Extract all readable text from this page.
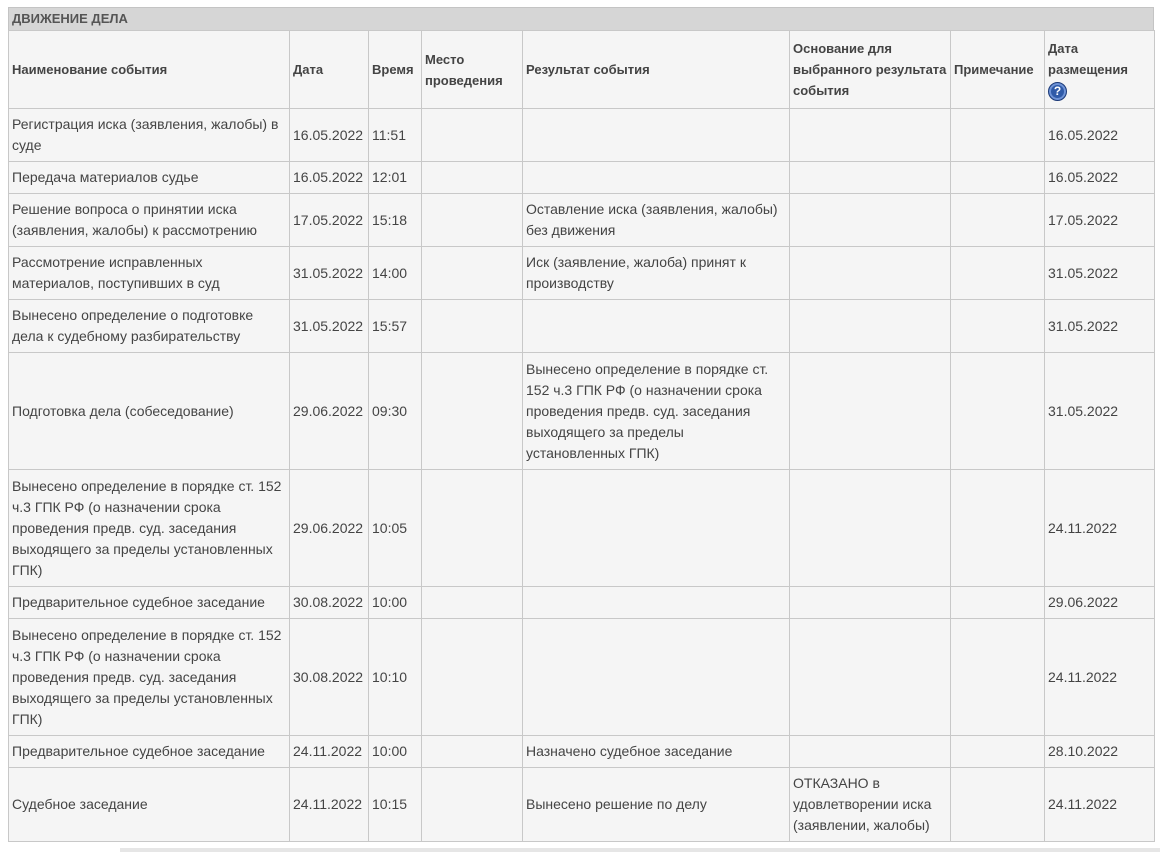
ДВИЖЕНИЕ ДЕЛА
Наименование события	Дата	Время	Место проведения	Результат события	Основание для выбранного результата события	Примечание	Дата размещения
?
Регистрация иска (заявления, жалобы) в суде	16.05.2022	11:51					16.05.2022
Передача материалов судье	16.05.2022	12:01					16.05.2022
Решение вопроса о принятии иска (заявления, жалобы) к рассмотрению	17.05.2022	15:18		Оставление иска (заявления, жалобы) без движения			17.05.2022
Рассмотрение исправленных материалов, поступивших в суд	31.05.2022	14:00		Иск (заявление, жалоба) принят к производству			31.05.2022
Вынесено определение о подготовке дела к судебному разбирательству	31.05.2022	15:57					31.05.2022
Подготовка дела (собеседование)	29.06.2022	09:30		Вынесено определение в порядке ст. 152 ч.3 ГПК РФ (о назначении срока проведения предв. суд. заседания выходящего за пределы установленных ГПК)			31.05.2022
Вынесено определение в порядке ст. 152 ч.3 ГПК РФ (о назначении срока проведения предв. суд. заседания выходящего за пределы установленных ГПК)	29.06.2022	10:05					24.11.2022
Предварительное судебное заседание	30.08.2022	10:00					29.06.2022
Вынесено определение в порядке ст. 152 ч.3 ГПК РФ (о назначении срока проведения предв. суд. заседания выходящего за пределы установленных ГПК)	30.08.2022	10:10					24.11.2022
Предварительное судебное заседание	24.11.2022	10:00		Назначено судебное заседание			28.10.2022
Судебное заседание	24.11.2022	10:15		Вынесено решение по делу	ОТКАЗАНО в удовлетворении иска (заявлении, жалобы)		24.11.2022
